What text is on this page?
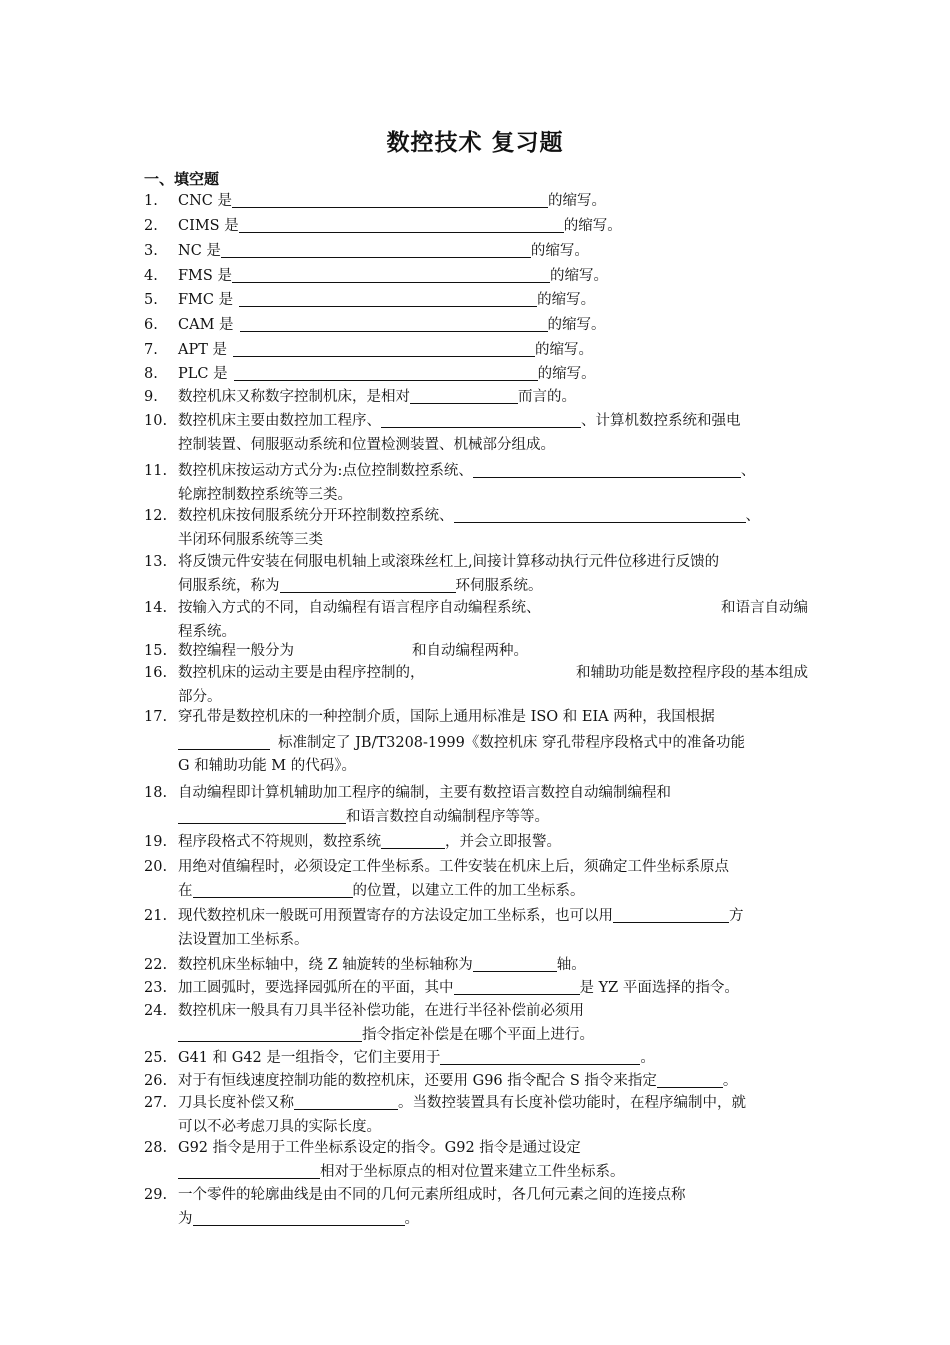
数控技术 复习题
一、填空题
1. CNC 是	的缩写。
2. CIMS 是	的缩写。
3. NC 是	的缩写。
4. FMS 是	的缩写。
5. FMC 是	的缩写。
6. CAM 是	的缩写。
7. APT 是	的缩写。
8. PLC 是	的缩写。
9. 数控机床又称数字控制机床，是相对	而言的。
10. 数控机床主要由数控加工程序、	、计算机数控系统和强电
控制装置、伺服驱动系统和位置检测装置、机械部分组成。
11. 数控机床按运动方式分为:点位控制数控系统、	、
轮廓控制数控系统等三类。
12. 数控机床按伺服系统分开环控制数控系统、	、
半闭环伺服系统等三类
13. 将反馈元件安装在伺服电机轴上或滚珠丝杠上,间接计算移动执行元件位移进行反馈的
伺服系统，称为	环伺服系统。
14. 按输入方式的不同，自动编程有语言程序自动编程系统、	和语言自动编
程系统。
15. 数控编程一般分为	和自动编程两种。
16. 数控机床的运动主要是由程序控制的，	和辅助功能是数控程序段的基本组成
部分。
17. 穿孔带是数控机床的一种控制介质，国际上通用标准是 ISO 和 EIA 两种，我国根据
标准制定了 JB/T3208-1999《数控机床 穿孔带程序段格式中的准备功能
G 和辅助功能 M 的代码》。
18. 自动编程即计算机辅助加工程序的编制，主要有数控语言数控自动编制编程和
和语言数控自动编制程序等等。
19. 程序段格式不符规则，数控系统	，并会立即报警。
20. 用绝对值编程时，必须设定工件坐标系。工件安装在机床上后，须确定工件坐标系原点
在	的位置，以建立工件的加工坐标系。
21. 现代数控机床一般既可用预置寄存的方法设定加工坐标系，也可以用	方
法设置加工坐标系。
22. 数控机床坐标轴中，绕 Z 轴旋转的坐标轴称为	轴。
23. 加工圆弧时，要选择园弧所在的平面，其中	是 YZ 平面选择的指令。
24. 数控机床一般具有刀具半径补偿功能，在进行半径补偿前必须用
指令指定补偿是在哪个平面上进行。
25. G41 和 G42 是一组指令，它们主要用于	。
26. 对于有恒线速度控制功能的数控机床，还要用 G96 指令配合 S 指令来指定	。
27. 刀具长度补偿又称	。当数控装置具有长度补偿功能时，在程序编制中，就
可以不必考虑刀具的实际长度。
28. G92 指令是用于工件坐标系设定的指令。G92 指令是通过设定
相对于坐标原点的相对位置来建立工件坐标系。
29. 一个零件的轮廓曲线是由不同的几何元素所组成时，各几何元素之间的连接点称
为	。
